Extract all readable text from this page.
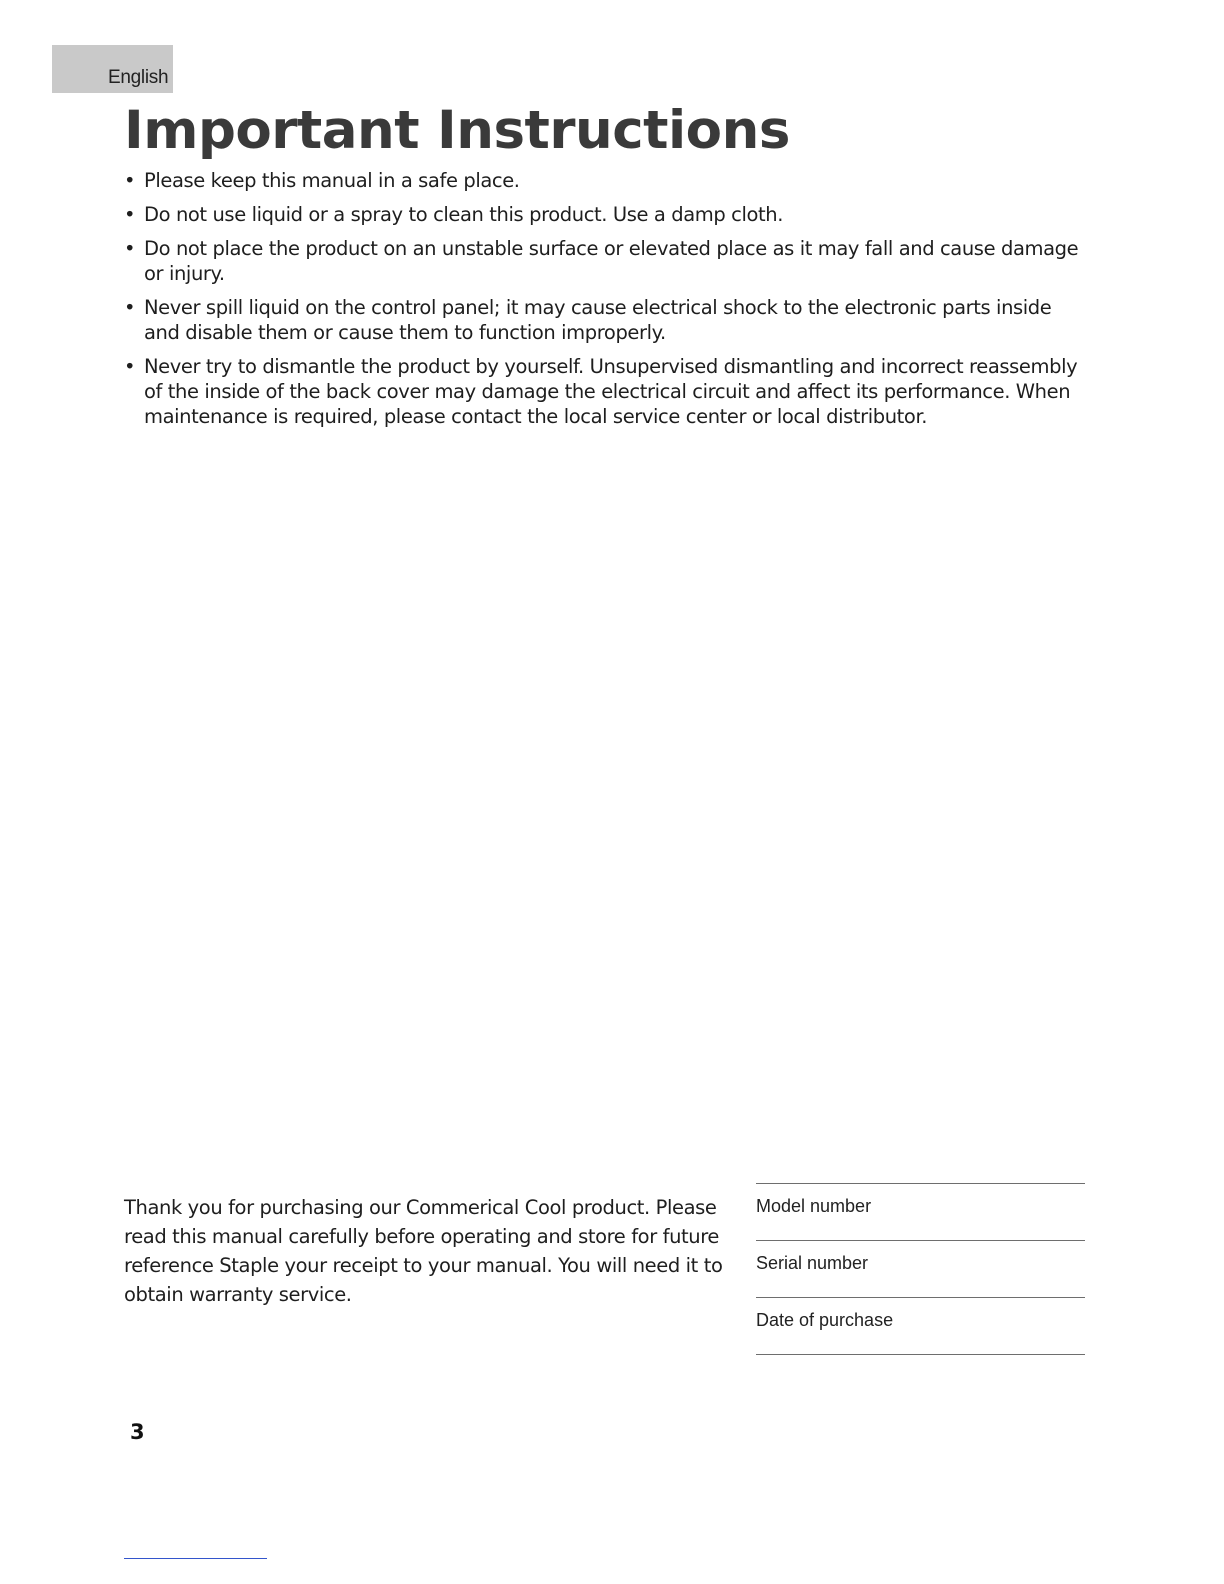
English
Important Instructions
• Please keep this manual in a safe place.
• Do not use liquid or a spray to clean this product. Use a damp cloth.
• Do not place the product on an unstable surface or elevated place as it may fall and cause damage or injury.
• Never spill liquid on the control panel; it may cause electrical shock to the electronic parts inside and disable them or cause them to function improperly.
• Never try to dismantle the product by yourself. Unsupervised dismantling and incorrect reassembly of the inside of the back cover may damage the electrical circuit and affect its performance. When maintenance is required, please contact the local service center or local distributor.

Thank you for purchasing our Commerical Cool product. Please read this manual carefully before operating and store for future reference Staple your receipt to your manual. You will need it to obtain warranty service.

Model number
Serial number
Date of purchase
3
